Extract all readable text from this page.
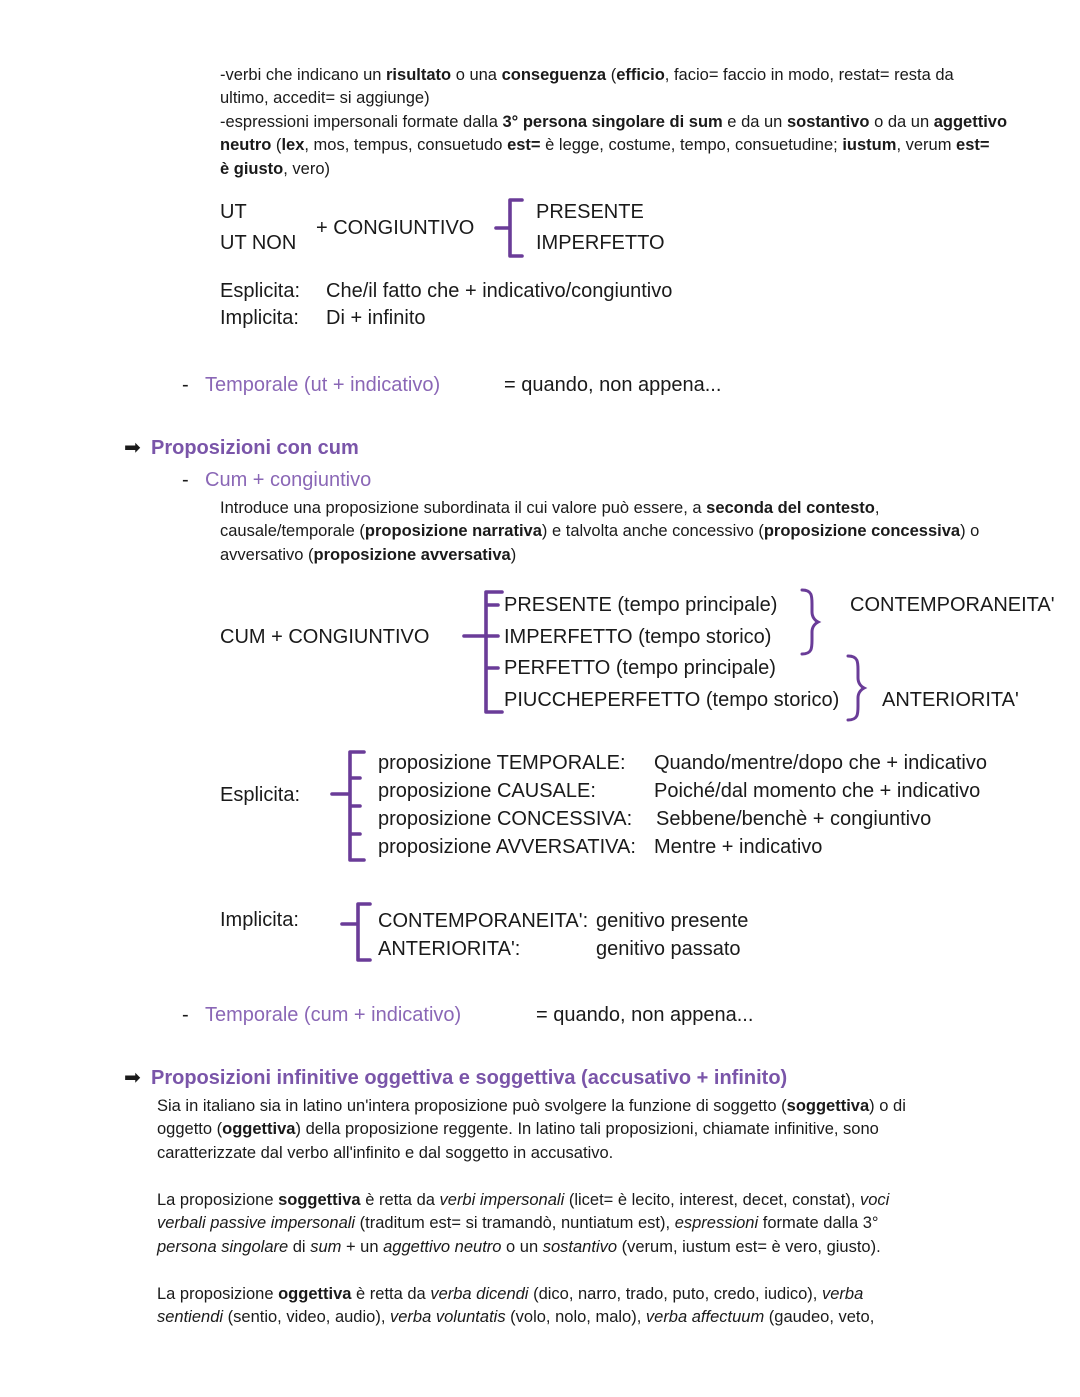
-verbi che indicano un risultato o una conseguenza (efficio, facio= faccio in modo, restat= resta da
ultimo, accedit= si aggiunge)
-espressioni impersonali formate dalla 3° persona singolare di sum e da un sostantivo o da un aggettivo
neutro (lex, mos, tempus, consuetudo est= è legge, costume, tempo, consuetudine; iustum, verum est=
è giusto, vero)
UT
UT NON
+ CONGIUNTIVO
PRESENTE
IMPERFETTO
Esplicita: Che/il fatto che + indicativo/congiuntivo
Implicita: Di + infinito
- Temporale (ut + indicativo)	= quando, non appena...
➡ Proposizioni con cum
- Cum + congiuntivo
Introduce una proposizione subordinata il cui valore può essere, a seconda del contesto,
causale/temporale (proposizione narrativa) e talvolta anche concessivo (proposizione concessiva) o
avversativo (proposizione avversativa)
CUM + CONGIUNTIVO
PRESENTE (tempo principale)
IMPERFETTO (tempo storico)
PERFETTO (tempo principale)
PIUCCHEPERFETTO (tempo storico)
CONTEMPORANEITA'
ANTERIORITA'
Esplicita:
proposizione TEMPORALE: Quando/mentre/dopo che + indicativo
proposizione CAUSALE:	Poiché/dal momento che + indicativo
proposizione CONCESSIVA: Sebbene/benchè + congiuntivo
proposizione AVVERSATIVA: Mentre + indicativo
Implicita:	CONTEMPORANEITA': genitivo presente
ANTERIORITA':	genitivo passato
- Temporale (cum + indicativo)	= quando, non appena...
➡ Proposizioni infinitive oggettiva e soggettiva (accusativo + infinito)
Sia in italiano sia in latino un'intera proposizione può svolgere la funzione di soggetto (soggettiva) o di
oggetto (oggettiva) della proposizione reggente. In latino tali proposizioni, chiamate infinitive, sono
caratterizzate dal verbo all'infinito e dal soggetto in accusativo.
La proposizione soggettiva è retta da verbi impersonali (licet= è lecito, interest, decet, constat), voci
verbali passive impersonali (traditum est= si tramandò, nuntiatum est), espressioni formate dalla 3°
persona singolare di sum + un aggettivo neutro o un sostantivo (verum, iustum est= è vero, giusto).
La proposizione oggettiva è retta da verba dicendi (dico, narro, trado, puto, credo, iudico), verba
sentiendi (sentio, video, audio), verba voluntatis (volo, nolo, malo), verba affectuum (gaudeo, veto,
